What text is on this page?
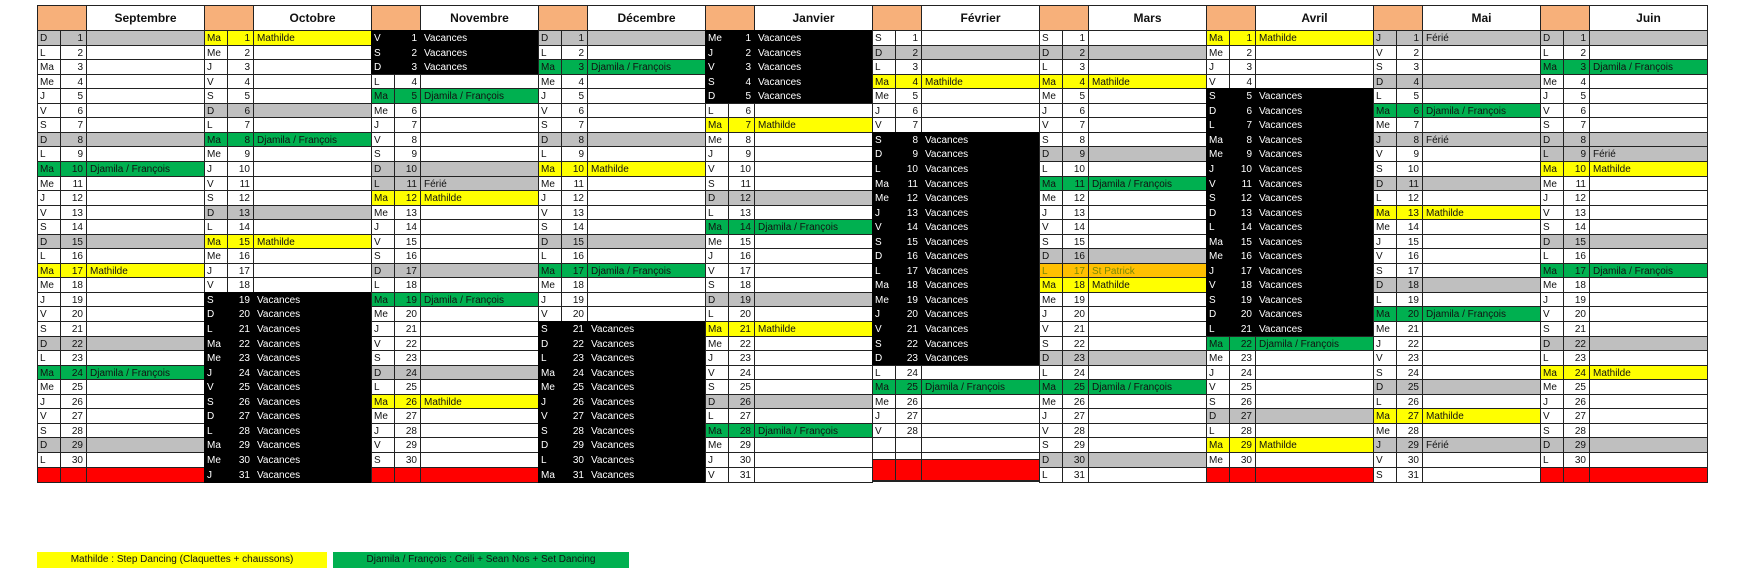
Septembre
D	1
L	2
Ma	3
Me	4
J	5
V	6
S	7
D	8
L	9
Ma	10 Djamila / François
Me	11
J	12
V	13
S	14
D	15
L	16
Ma	17 Mathilde
Me	18
J	19
V	20
S	21
D	22
L	23
Ma	24 Djamila / François
Me	25
J	26
V	27
S	28
D	29
L	30
Octobre
Ma	1 Mathilde
Me	2
J	3
V	4
S	5
D	6
L	7
Ma	8 Djamila / François
Me	9
J	10
V	11
S	12
D	13
L	14
Ma	15 Mathilde
Me	16
J	17
V	18
S	19 Vacances
D	20 Vacances
L	21 Vacances
Ma	22 Vacances
Me	23 Vacances
J	24 Vacances
V	25 Vacances
S	26 Vacances
D	27 Vacances
L	28 Vacances
Ma	29 Vacances
Me	30 Vacances
J	31 Vacances
Novembre
V	1 Vacances
S	2 Vacances
D	3 Vacances
L	4
Ma	5 Djamila / François
Me	6
J	7
V	8
S	9
D	10
L	11 Férié
Ma	12 Mathilde
Me	13
J	14
V	15
S	16
D	17
L	18
Ma	19 Djamila / François
Me	20
J	21
V	22
S	23
D	24
L	25
Ma	26 Mathilde
Me	27
J	28
V	29
S	30
Décembre
D	1
L	2
Ma	3 Djamila / François
Me	4
J	5
V	6
S	7
D	8
L	9
Ma	10 Mathilde
Me	11
J	12
V	13
S	14
D	15
L	16
Ma	17 Djamila / François
Me	18
J	19
V	20
S	21 Vacances
D	22 Vacances
L	23 Vacances
Ma	24 Vacances
Me	25 Vacances
J	26 Vacances
V	27 Vacances
S	28 Vacances
D	29 Vacances
L	30 Vacances
Ma	31 Vacances
Janvier
Me	1 Vacances
J	2 Vacances
V	3 Vacances
S	4 Vacances
D	5 Vacances
L	6
Ma	7 Mathilde
Me	8
J	9
V	10
S	11
D	12
L	13
Ma	14 Djamila / François
Me	15
J	16
V	17
S	18
D	19
L	20
Ma	21 Mathilde
Me	22
J	23
V	24
S	25
D	26
L	27
Ma	28 Djamila / François
Me	29
J	30
V	31
Février
S	1
D	2
L	3
Ma	4 Mathilde
Me	5
J	6
V	7
S	8 Vacances
D	9 Vacances
L	10 Vacances
Ma	11 Vacances
Me	12 Vacances
J	13 Vacances
V	14 Vacances
S	15 Vacances
D	16 Vacances
L	17 Vacances
Ma	18 Vacances
Me	19 Vacances
J	20 Vacances
V	21 Vacances
S	22 Vacances
D	23 Vacances
L	24
Ma	25 Djamila / François
Me	26
J	27
V	28
Mars
S	1
D	2
L	3
Ma	4 Mathilde
Me	5
J	6
V	7
S	8
D	9
L	10
Ma	11 Djamila / François
Me	12
J	13
V	14
S	15
D	16
L	17 St Patrick
Ma	18 Mathilde
Me	19
J	20
V	21
S	22
D	23
L	24
Ma	25 Djamila / François
Me	26
J	27
V	28
S	29
D	30
L	31
Avril
Ma	1 Mathilde
Me	2
J	3
V	4
S	5 Vacances
D	6 Vacances
L	7 Vacances
Ma	8 Vacances
Me	9 Vacances
J	10 Vacances
V	11 Vacances
S	12 Vacances
D	13 Vacances
L	14 Vacances
Ma	15 Vacances
Me	16 Vacances
J	17 Vacances
V	18 Vacances
S	19 Vacances
D	20 Vacances
L	21 Vacances
Ma	22 Djamila / François
Me	23
J	24
V	25
S	26
D	27
L	28
Ma	29 Mathilde
Me	30
Mai
J	1 Férié
V	2
S	3
D	4
L	5
Ma	6 Djamila / François
Me	7
J	8 Férié
V	9
S	10
D	11
L	12
Ma	13 Mathilde
Me	14
J	15
V	16
S	17
D	18
L	19
Ma	20 Djamila / François
Me	21
J	22
V	23
S	24
D	25
L	26
Ma	27 Mathilde
Me	28
J	29 Férié
V	30
S	31
Juin
D	1
L	2
Ma	3 Djamila / François
Me	4
J	5
V	6
S	7
D	8
L	9 Férié
Ma	10 Mathilde
Me	11
J	12
V	13
S	14
D	15
L	16
Ma	17 Djamila / François
Me	18
J	19
V	20
S	21
D	22
L	23
Ma	24 Mathilde
Me	25
J	26
V	27
S	28
D	29
L	30
Mathilde : Step Dancing (Claquettes + chaussons)	Djamila / François : Ceili + Sean Nos + Set Dancing
